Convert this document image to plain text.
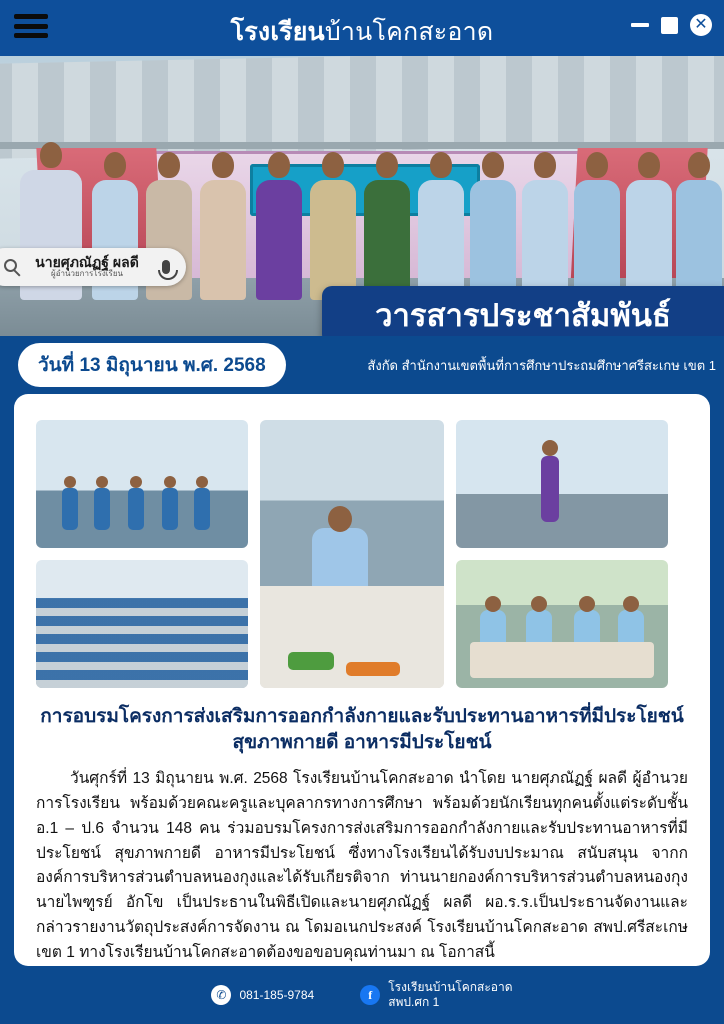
โรงเรียนบ้านโคกสะอาด	✕
วารสารประชาสัมพันธ์
นายศุภณัฏฐ์ ผลดี
ผู้อำนวยการโรงเรียน
วันที่ 13 มิถุนายน พ.ศ. 2568	สังกัด สำนักงานเขตพื้นที่การศึกษาประถมศึกษาศรีสะเกษ เขต 1
การอบรมโครงการส่งเสริมการออกกำลังกายและรับประทานอาหารที่มีประโยชน์
สุขภาพกายดี อาหารมีประโยชน์

วันศุกร์ที่ 13 มิถุนายน พ.ศ. 2568 โรงเรียนบ้านโคกสะอาด นำโดย นายศุภณัฏฐ์ ผลดี ผู้อำนวยการโรงเรียน พร้อมด้วยคณะครูและบุคลากรทางการศึกษา พร้อมด้วยนักเรียนทุกคนตั้งแต่ระดับชั้น อ.1 – ป.6 จำนวน 148 คน ร่วมอบรมโครงการส่งเสริมการออกกำลังกายและรับประทานอาหารที่มีประโยชน์ สุขภาพกายดี อาหารมีประโยชน์ ซึ่งทางโรงเรียนได้รับงบประมาณ สนับสนุน จากกองค์การบริหารส่วนตำบลหนองกุงและได้รับเกียรติจาก ท่านนายกองค์การบริหารส่วนตำบลหนองกุง นายไพฑูรย์ อักโข เป็นประธานในพิธีเปิดและนายศุภณัฏฐ์ ผลดี ผอ.ร.ร.เป็นประธานจัดงานและกล่าวรายงานวัตถุประสงค์การจัดงาน ณ โดมอเนกประสงค์ โรงเรียนบ้านโคกสะอาด สพป.ศรีสะเกษ เขต 1 ทางโรงเรียนบ้านโคกสะอาดต้องขอขอบคุณท่านมา ณ โอกาสนี้

✆	081-185-9784	f
โรงเรียนบ้านโคกสะอาด
สพป.ศก 1
